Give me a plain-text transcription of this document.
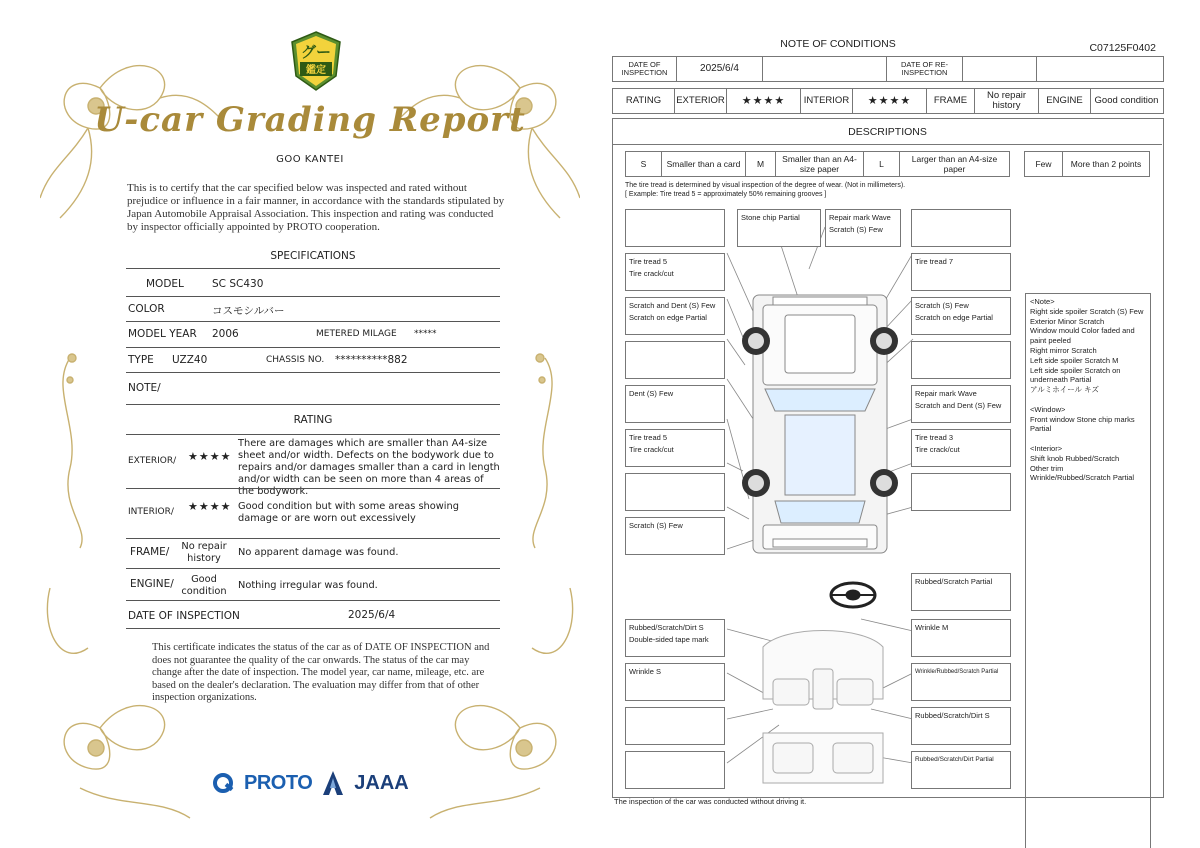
グー
鑑定
U-car Grading Report
GOO KANTEI
This is to certify that the car specified below was inspected and rated without prejudice or influence in a fair manner, in accordance with the standards stipulated by Japan Automobile Appraisal Association. This inspection and rating was conducted by inspector officially appointed by PROTO cooperation.
SPECIFICATIONS
MODEL	SC SC430
COLOR	コスモシルバー
MODEL YEAR 2006	METERED MILAGE *****
TYPE UZZ40	CHASSIS NO. **********882
NOTE/
RATING
EXTERIOR/ ★★★★
There are damages which are smaller than A4-size sheet and/or width. Defects on the bodywork due to repairs and/or damages smaller than a card in length and/or width can be seen on more than 4 areas of the bodywork.
INTERIOR/ ★★★★ Good condition but with some areas showing damage or are worn out excessively
FRAME/	No repair history	No apparent damage was found.
ENGINE/	Good condition	Nothing irregular was found.
DATE OF INSPECTION	2025/6/4
This certificate indicates the status of the car as of DATE OF INSPECTION and does not guarantee the quality of the car onwards. The status of the car may change after the date of inspection. The model year, car name, mileage, etc. are based on the dealer's declaration. The evaluation may differ from that of other inspection organizations.
PROTO JAAA
NOTE OF CONDITIONS	C07125F0402
DATE OF INSPECTION	2025/6/4	DATE OF RE-INSPECTION
RATING	EXTERIOR	★★★★	INTERIOR	★★★★	FRAME	No repair history	ENGINE	Good condition
DESCRIPTIONS
S	Smaller than a card	M	Smaller than an A4-size paper	L	Larger than an A4-size paper	Few	More than 2 points
The tire tread is determined by visual inspection of the degree of wear. (Not in millimeters).
[ Example: Tire tread 5 = approximately 50% remaining grooves ]
Stone chip Partial	Repair mark Wave
Scratch (S) Few
Tire tread 5
Tire crack/cut
Scratch and Dent (S) Few
Scratch on edge Partial
Dent (S) Few
Tire tread 5
Tire crack/cut
Scratch (S) Few
Tire tread 7
Scratch (S) Few
Scratch on edge Partial
Repair mark Wave
Scratch and Dent (S) Few
Tire tread 3
Tire crack/cut
Rubbed/Scratch Partial
Rubbed/Scratch/Dirt S
Double-sided tape mark
Wrinkle M
Wrinkle S	Wrinkle/Rubbed/Scratch Partial
Rubbed/Scratch/Dirt S
Rubbed/Scratch/Dirt Partial
<Note>

Right side spoiler Scratch (S) Few
Exterior Minor Scratch
Window mould Color faded and paint peeled
Right mirror Scratch
Left side spoiler Scratch M
Left side spoiler Scratch on underneath Partial
アルミホイール キズ

<Window>

Front window Stone chip marks Partial

<Interior>

Shift knob Rubbed/Scratch
Other trim
Wrinkle/Rubbed/Scratch Partial

The inspection of the car was conducted without driving it.
